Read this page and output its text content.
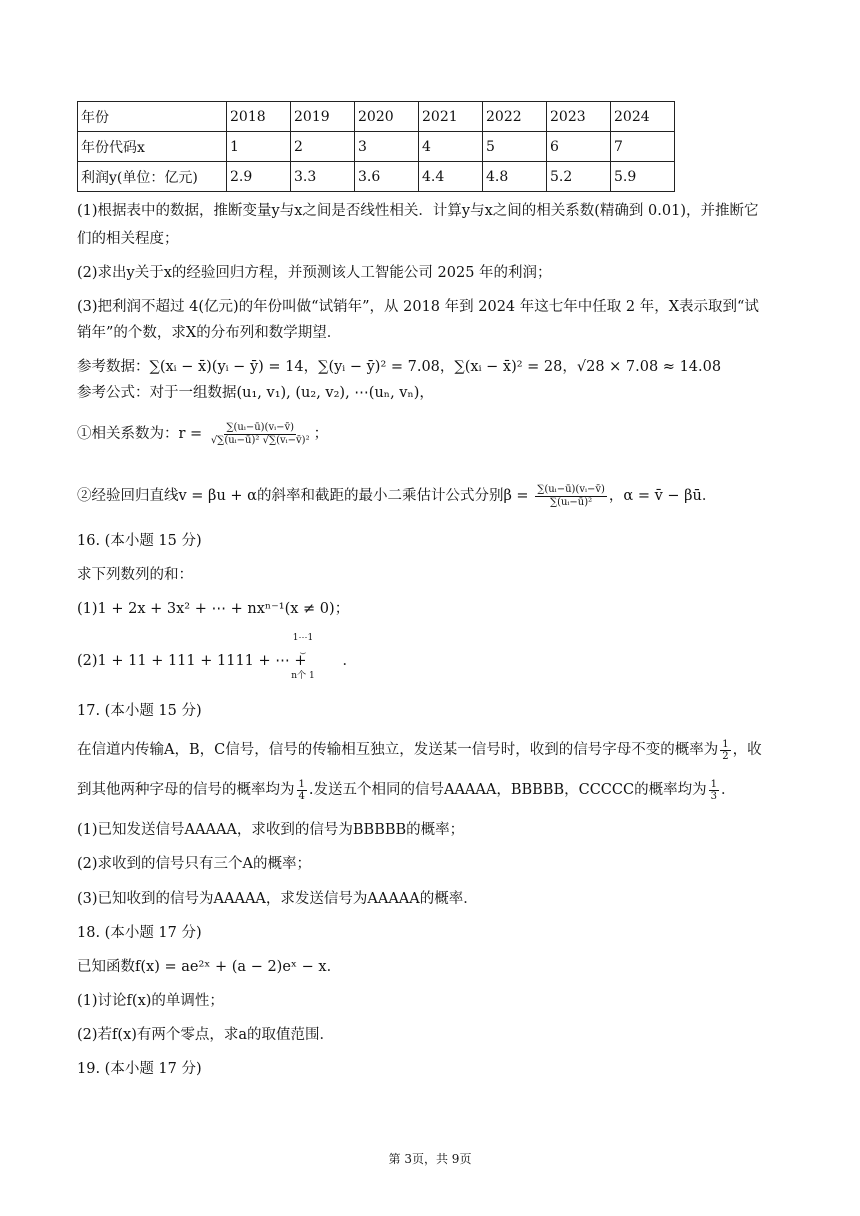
年份	2018	2019	2020	2021	2022	2023	2024
年份代码x	1	2	3	4	5	6	7
利润y(单位：亿元)	2.9	3.3	3.6	4.4	4.8	5.2	5.9
(1)根据表中的数据，推断变量y与x之间是否线性相关．计算y与x之间的相关系数(精确到 0.01)，并推断它
们的相关程度；
(2)求出y关于x的经验回归方程，并预测该人工智能公司 2025 年的利润；
(3)把利润不超过 4(亿元)的年份叫做“试销年”，从 2018 年到 2024 年这七年中任取 2 年，X表示取到“试
销年”的个数，求X的分布列和数学期望．
参考数据：∑(xᵢ − x̄)(yᵢ − ȳ) = 14，∑(yᵢ − ȳ)² = 7.08，∑(xᵢ − x̄)² = 28，√28 × 7.08 ≈ 14.08
参考公式：对于一组数据(u₁, v₁), (u₂, v₂), ⋯(uₙ, vₙ)，
①相关系数为：$r = \frac{\text{∑(uᵢ−ū)(vᵢ−v̄)}}{\text{√∑(uᵢ−ū)² √∑(vᵢ−v̄)²}}$ ；
②经验回归直线v = βu + α的斜率和截距的最小二乘估计公式分别$\beta = \frac{\text{∑(uᵢ−ū)(vᵢ−v̄)}}{\text{∑(uᵢ−ū)²}}$ ，α = v̄ − βū．
16. (本小题 15 分)
求下列数列的和：
(1)1 + 2x + 3x² + ⋯ + nxⁿ⁻¹(x ≠ 0)；
(2)1 + 11 + 111 + 1111 + ⋯ + ．
1⋯1
⏟
n个 1
17. (本小题 15 分)
在信道内传输A，B，C信号，信号的传输相互独立，发送某一信号时，收到的信号字母不变的概率为 $\frac{1}{2}$ ，收
到其他两种字母的信号的概率均为 $\frac{1}{4}$ .发送五个相同的信号AAAAA，BBBBB，CCCCC的概率均为 $\frac{1}{3}$ ．
(1)已知发送信号AAAAA，求收到的信号为BBBBB的概率；
(2)求收到的信号只有三个A的概率；
(3)已知收到的信号为AAAAA，求发送信号为AAAAA的概率．
18. (本小题 17 分)
已知函数f(x) = ae²ˣ + (a − 2)eˣ − x．
(1)讨论f(x)的单调性；
(2)若f(x)有两个零点，求a的取值范围．
19. (本小题 17 分)
第 3页，共 9页
